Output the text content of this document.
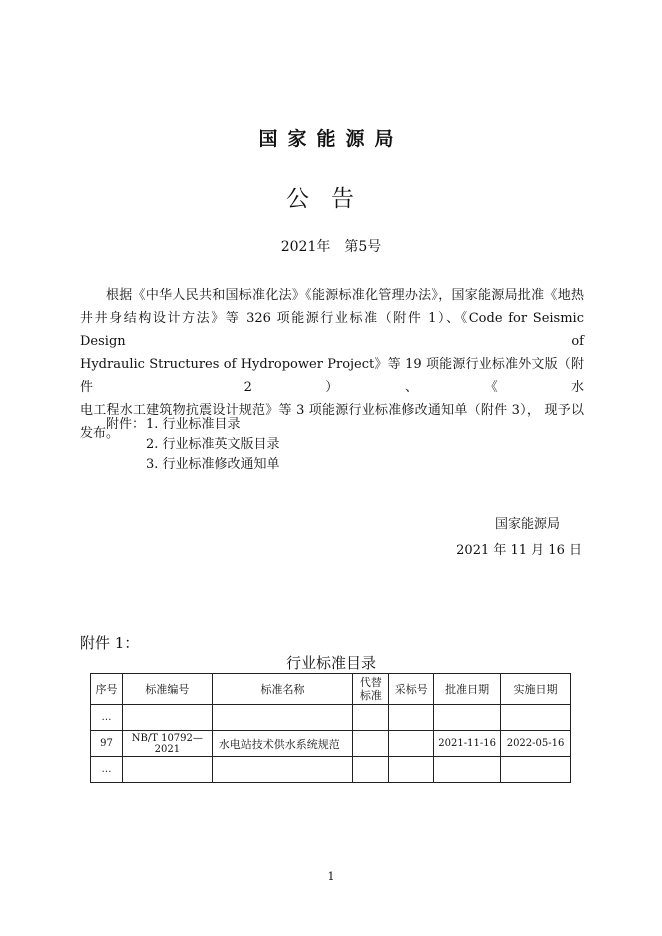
国家能源局
公告
2021年 第5号
根据《中华人民共和国标准化法》《能源标准化管理办法》，国家能源局批准《地热
井井身结构设计方法》等 326 项能源行业标准（附件 1）、《Code for Seismic Design of
Hydraulic Structures of Hydropower Project》等 19 项能源行业标准外文版（附件 2）、《水
电工程水工建筑物抗震设计规范》等 3 项能源行业标准修改通知单（附件 3）， 现予以
发布。
附件： 1. 行业标准目录
2. 行业标准英文版目录
3. 行业标准修改通知单
国家能源局
2021 年 11 月 16 日
附件 1：
行业标准目录
序号	标准编号	标准名称	代替标准	采标号	批准日期	实施日期
…						
97	NB/T 10792—2021	水电站技术供水系统规范			2021-11-16	2022-05-16
…						
1
